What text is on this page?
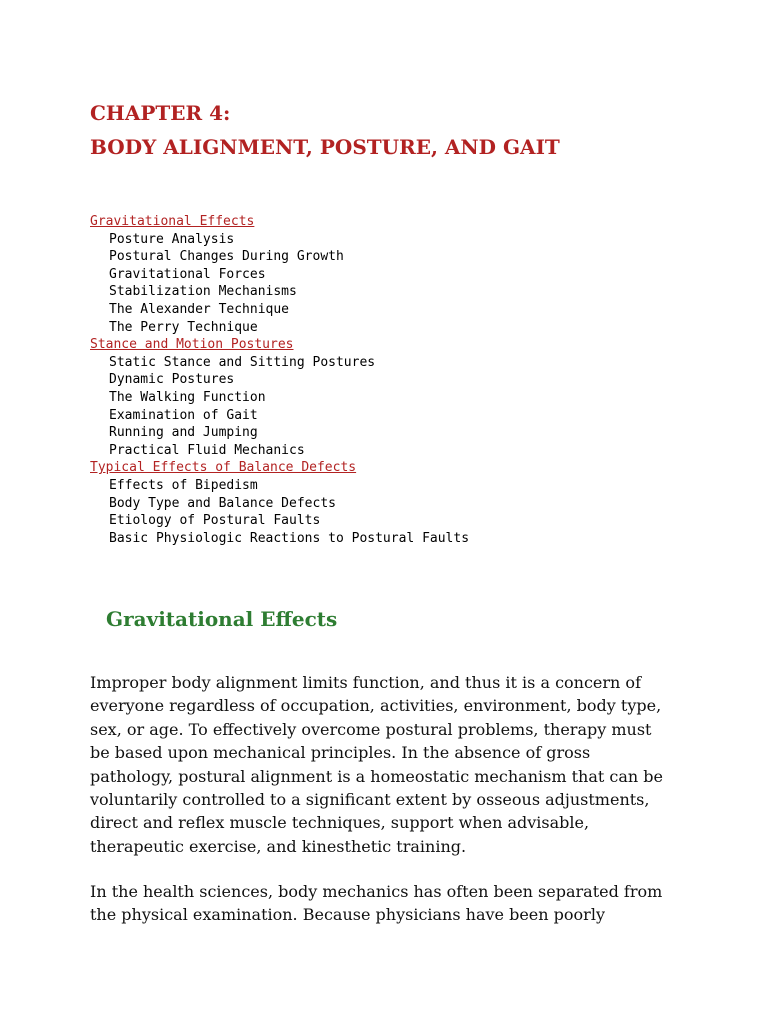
CHAPTER 4:
BODY ALIGNMENT, POSTURE, AND GAIT
Gravitational Effects
Posture Analysis
Postural Changes During Growth
Gravitational Forces
Stabilization Mechanisms
The Alexander Technique
The Perry Technique
Stance and Motion Postures
Static Stance and Sitting Postures
Dynamic Postures
The Walking Function
Examination of Gait
Running and Jumping
Practical Fluid Mechanics
Typical Effects of Balance Defects
Effects of Bipedism
Body Type and Balance Defects
Etiology of Postural Faults
Basic Physiologic Reactions to Postural Faults
Gravitational Effects

Improper body alignment limits function, and thus it is a concern of
everyone regardless of occupation, activities, environment, body type,
sex, or age. To effectively overcome postural problems, therapy must
be based upon mechanical principles. In the absence of gross
pathology, postural alignment is a homeostatic mechanism that can be
voluntarily controlled to a significant extent by osseous adjustments,
direct and reflex muscle techniques, support when advisable,
therapeutic exercise, and kinesthetic training.

In the health sciences, body mechanics has often been separated from
the physical examination. Because physicians have been poorly
